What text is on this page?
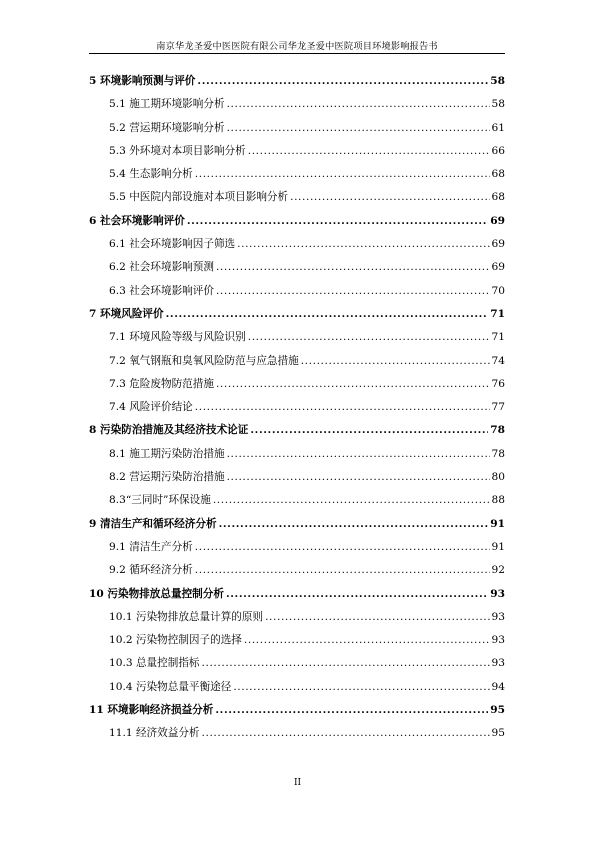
南京华龙圣爱中医医院有限公司华龙圣爱中医院项目环境影响报告书
5 环境影响预测与评价 .....	58
5.1 施工期环境影响分析 .....	58
5.2 营运期环境影响分析 .....	61
5.3 外环境对本项目影响分析 .....	66
5.4 生态影响分析 .....	68
5.5 中医院内部设施对本项目影响分析 .....	68
6 社会环境影响评价 .....	69
6.1 社会环境影响因子筛选 .....	69
6.2 社会环境影响预测 .....	69
6.3 社会环境影响评价 .....	70
7 环境风险评价 .....	71
7.1 环境风险等级与风险识别 .....	71
7.2 氧气钢瓶和臭氧风险防范与应急措施 .....	74
7.3 危险废物防范措施 .....	76
7.4 风险评价结论 .....	77
8 污染防治措施及其经济技术论证 .....	78
8.1 施工期污染防治措施 .....	78
8.2 营运期污染防治措施 .....	80
8.3“三同时”环保设施 .....	88
9 清洁生产和循环经济分析 .....	91
9.1 清洁生产分析 .....	91
9.2 循环经济分析 .....	92
10 污染物排放总量控制分析 .....	93
10.1 污染物排放总量计算的原则 .....	93
10.2 污染物控制因子的选择 .....	93
10.3 总量控制指标 .....	93
10.4 污染物总量平衡途径 .....	94
11 环境影响经济损益分析 .....	95
11.1 经济效益分析 .....	95
II
